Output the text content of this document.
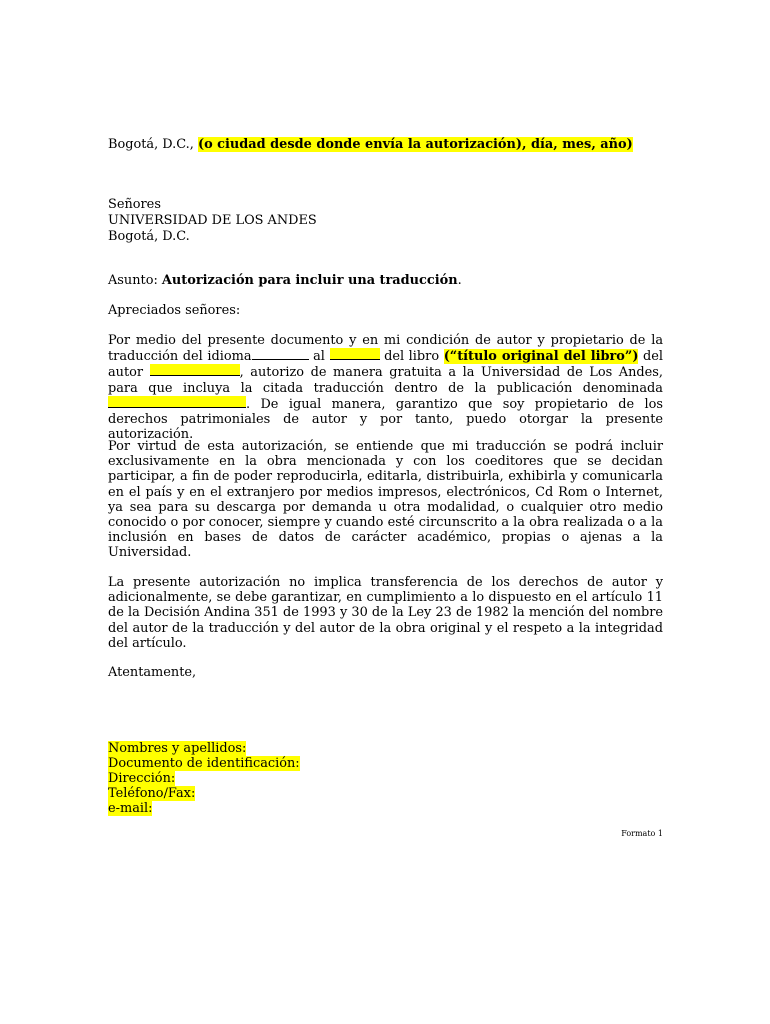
Bogotá, D.C., (o ciudad desde donde envía la autorización), día, mes, año)
Señores
UNIVERSIDAD DE LOS ANDES
Bogotá, D.C.
Asunto: Autorización para incluir una traducción.
Apreciados señores:

Por medio del presente documento y en mi condición de autor y propietario de la traducción del idioma	al	del libro (“título original del libro”) del autor	, autorizo de manera gratuita a la Universidad de Los Andes, para que incluya la citada traducción dentro de la publicación denominada . De igual manera, garantizo que soy propietario de los derechos patrimoniales de autor y por tanto, puedo otorgar la presente autorización.

Por virtud de esta autorización, se entiende que mi traducción se podrá incluir exclusivamente en la obra mencionada y con los coeditores que se decidan participar, a fin de poder reproducirla, editarla, distribuirla, exhibirla y comunicarla en el país y en el extranjero por medios impresos, electrónicos, Cd Rom o Internet, ya sea para su descarga por demanda u otra modalidad, o cualquier otro medio conocido o por conocer, siempre y cuando esté circunscrito a la obra realizada o a la inclusión en bases de datos de carácter académico, propias o ajenas a la Universidad.

La presente autorización no implica transferencia de los derechos de autor y adicionalmente, se debe garantizar, en cumplimiento a lo dispuesto en el artículo 11 de la Decisión Andina 351 de 1993 y 30 de la Ley 23 de 1982 la mención del nombre del autor de la traducción y del autor de la obra original y el respeto a la integridad del artículo.

Atentamente,
Nombres y apellidos:
Documento de identificación:
Dirección:
Teléfono/Fax:
e-mail:
Formato 1
